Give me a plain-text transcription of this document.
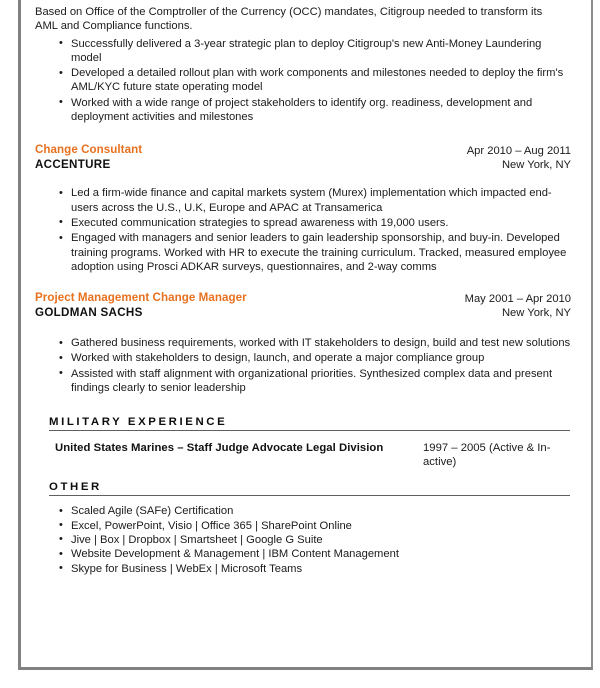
Based on Office of the Comptroller of the Currency (OCC) mandates, Citigroup needed to transform its AML and Compliance functions.

• Successfully delivered a 3-year strategic plan to deploy Citigroup's new Anti-Money Laundering model
• Developed a detailed rollout plan with work components and milestones needed to deploy the firm's AML/KYC future state operating model
• Worked with a wide range of project stakeholders to identify org. readiness, development and deployment activities and milestones
Change Consultant
ACCENTURE
Apr 2010 – Aug 2011
New York, NY
• Led a firm-wide finance and capital markets system (Murex) implementation which impacted end-users across the U.S., U.K, Europe and APAC at Transamerica
• Executed communication strategies to spread awareness with 19,000 users.
• Engaged with managers and senior leaders to gain leadership sponsorship, and buy-in. Developed training programs. Worked with HR to execute the training curriculum. Tracked, measured employee adoption using Prosci ADKAR surveys, questionnaires, and 2-way comms
Project Management Change Manager
GOLDMAN SACHS
May 2001 – Apr 2010
New York, NY
• Gathered business requirements, worked with IT stakeholders to design, build and test new solutions
• Worked with stakeholders to design, launch, and operate a major compliance group
• Assisted with staff alignment with organizational priorities. Synthesized complex data and present findings clearly to senior leadership
MILITARY EXPERIENCE
United States Marines – Staff Judge Advocate Legal Division	1997 – 2005 (Active & In-active)
OTHER
• Scaled Agile (SAFe) Certification
• Excel, PowerPoint, Visio | Office 365 | SharePoint Online
• Jive | Box | Dropbox | Smartsheet | Google G Suite
• Website Development & Management | IBM Content Management
• Skype for Business | WebEx | Microsoft Teams
